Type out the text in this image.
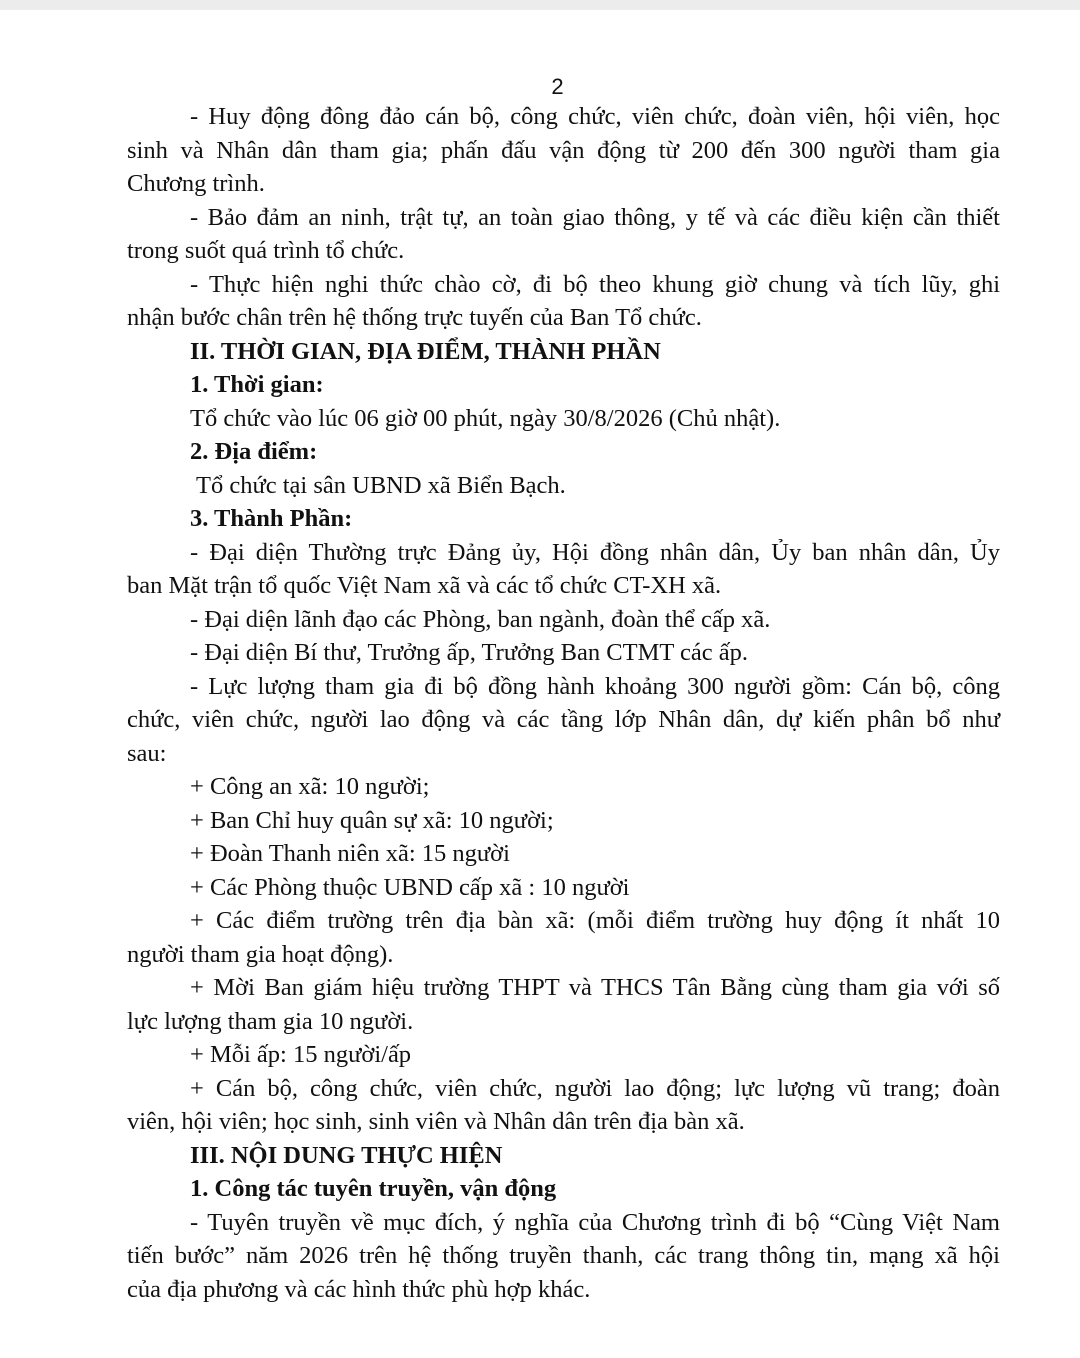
2
- Huy động đông đảo cán bộ, công chức, viên chức, đoàn viên, hội viên, học
sinh và Nhân dân tham gia; phấn đấu vận động từ 200 đến 300 người tham gia
Chương trình.
- Bảo đảm an ninh, trật tự, an toàn giao thông, y tế và các điều kiện cần thiết
trong suốt quá trình tổ chức.
- Thực hiện nghi thức chào cờ, đi bộ theo khung giờ chung và tích lũy, ghi
nhận bước chân trên hệ thống trực tuyến của Ban Tổ chức.
II. THỜI GIAN, ĐỊA ĐIỂM, THÀNH PHẦN
1. Thời gian:
Tổ chức vào lúc 06 giờ 00 phút, ngày 30/8/2026 (Chủ nhật).
2. Địa điểm:
Tổ chức tại sân UBND xã Biển Bạch.
3. Thành Phần:
- Đại diện Thường trực Đảng ủy, Hội đồng nhân dân, Ủy ban nhân dân, Ủy
ban Mặt trận tổ quốc Việt Nam xã và các tổ chức CT-XH xã.
- Đại diện lãnh đạo các Phòng, ban ngành, đoàn thể cấp xã.
- Đại diện Bí thư, Trưởng ấp, Trưởng Ban CTMT các ấp.
- Lực lượng tham gia đi bộ đồng hành khoảng 300 người gồm: Cán bộ, công
chức, viên chức, người lao động và các tầng lớp Nhân dân, dự kiến phân bổ như
sau:
+ Công an xã: 10 người;
+ Ban Chỉ huy quân sự xã: 10 người;
+ Đoàn Thanh niên xã: 15 người
+ Các Phòng thuộc UBND cấp xã : 10 người
+ Các điểm trường trên địa bàn xã: (mỗi điểm trường huy động ít nhất 10
người tham gia hoạt động).
+ Mời Ban giám hiệu trường THPT và THCS Tân Bằng cùng tham gia với số
lực lượng tham gia 10 người.
+ Mỗi ấp: 15 người/ấp
+ Cán bộ, công chức, viên chức, người lao động; lực lượng vũ trang; đoàn
viên, hội viên; học sinh, sinh viên và Nhân dân trên địa bàn xã.
III. NỘI DUNG THỰC HIỆN
1. Công tác tuyên truyền, vận động
- Tuyên truyền về mục đích, ý nghĩa của Chương trình đi bộ “Cùng Việt Nam
tiến bước” năm 2026 trên hệ thống truyền thanh, các trang thông tin, mạng xã hội
của địa phương và các hình thức phù hợp khác.
